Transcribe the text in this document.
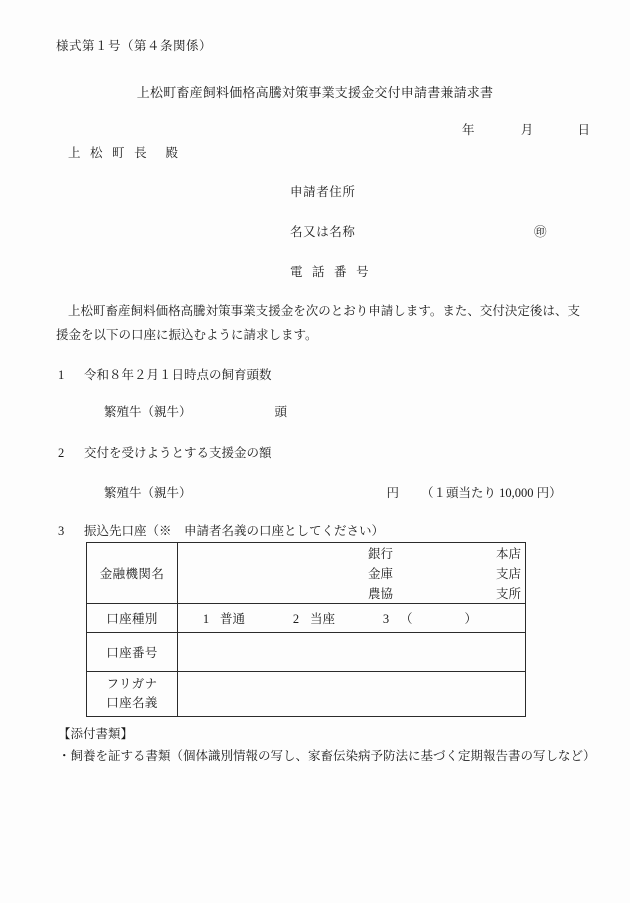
様式第１号（第４条関係）
上松町畜産飼料価格高騰対策事業支援金交付申請書兼請求書
年	月	日
上 松 町 長　殿
申請者住所
名又は名称	㊞
電 話 番 号
上松町畜産飼料価格高騰対策事業支援金を次のとおり申請します。また、交付決定後は、支援金を以下の口座に振込むように請求します。
1 令和８年２月１日時点の飼育頭数
繁殖牛（親牛）	頭
2 交付を受けようとする支援金の額
繁殖牛（親牛）	円 （１頭当たり 10,000 円）
3 振込先口座（※　申請者名義の口座としてください）
金融機関名	
銀行	本店
金庫	支店
農協	支所

口座種別	1 普通 2 当座 3 （ ）

口座番号	

フリガナ
口座名義	

【添付書類】
・飼養を証する書類（個体識別情報の写し、家畜伝染病予防法に基づく定期報告書の写しなど）
